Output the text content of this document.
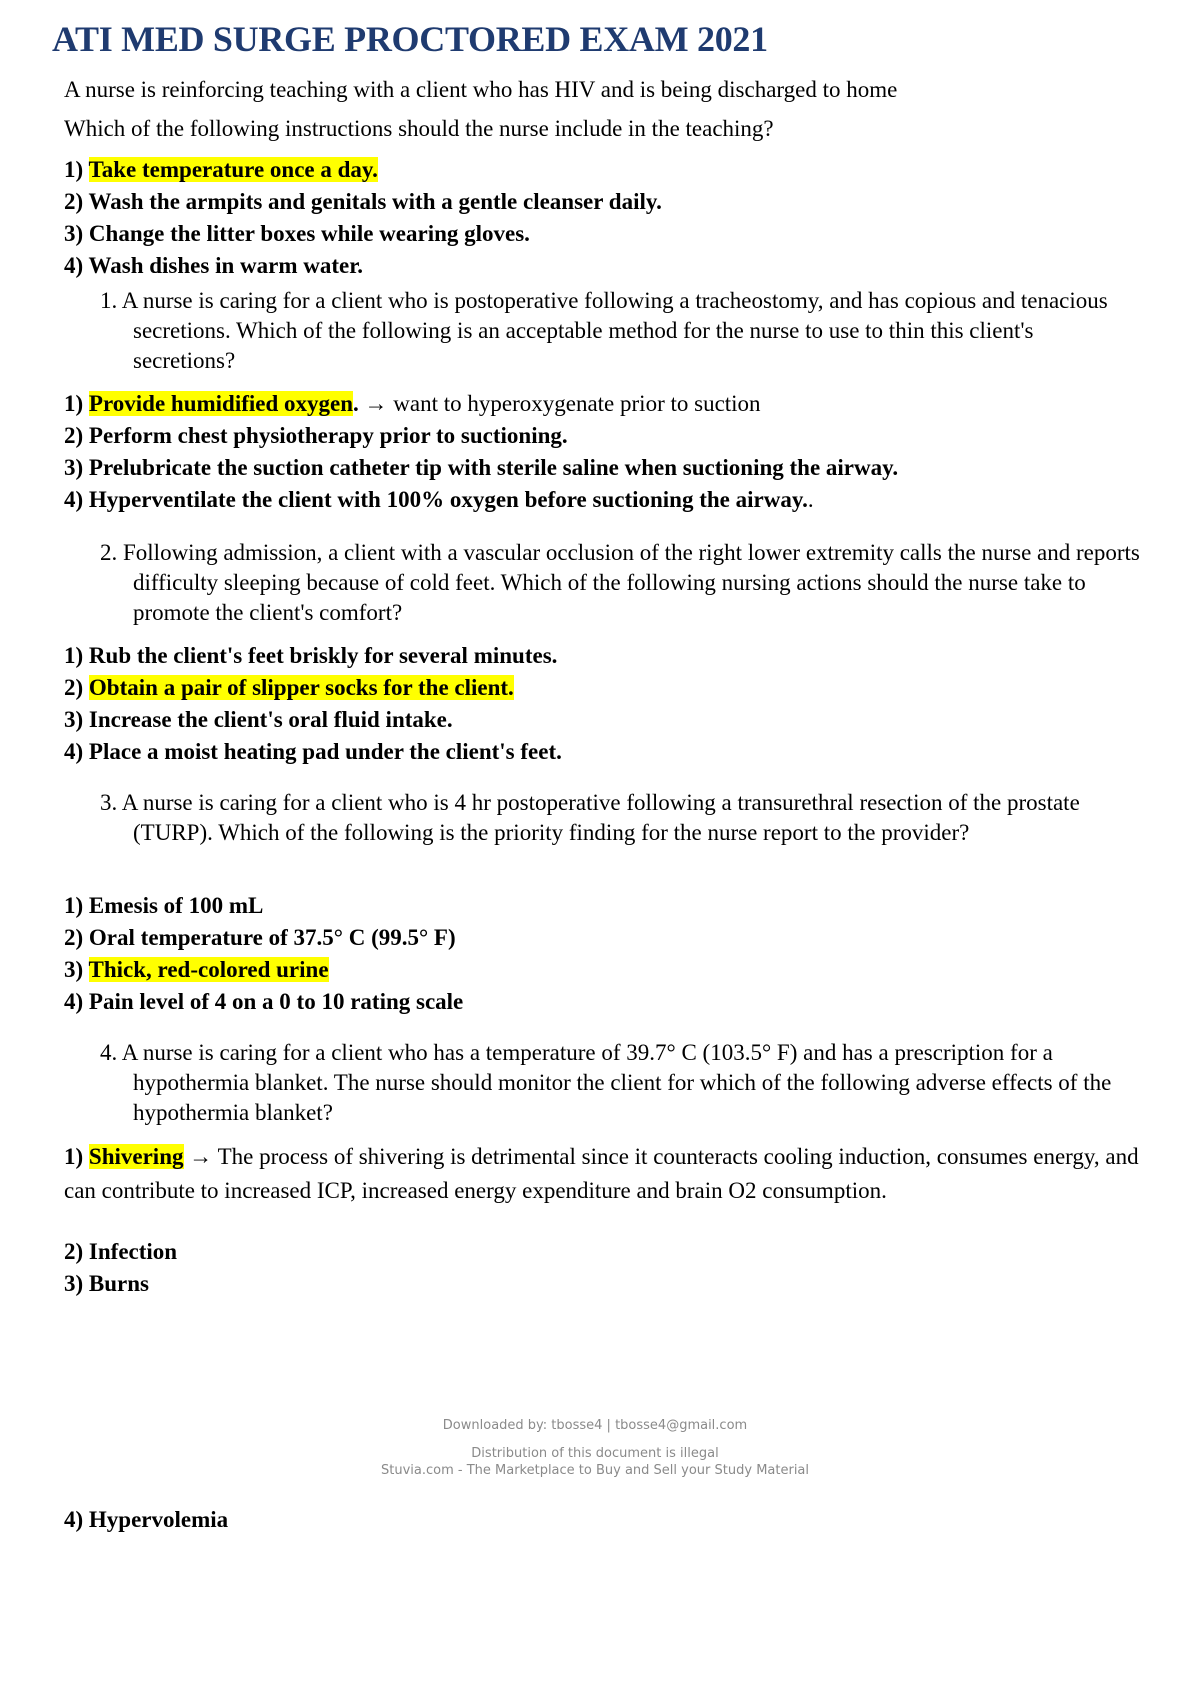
ATI MED SURGE PROCTORED EXAM 2021

A nurse is reinforcing teaching with a client who has HIV and is being discharged to home

Which of the following instructions should the nurse include in the teaching?

1) Take temperature once a day.
2) Wash the armpits and genitals with a gentle cleanser daily.
3) Change the litter boxes while wearing gloves.
4) Wash dishes in warm water.

1. A nurse is caring for a client who is postoperative following a tracheostomy, and has copious and tenacious secretions. Which of the following is an acceptable method for the nurse to use to thin this client's secretions?

1) Provide humidified oxygen. → want to hyperoxygenate prior to suction
2) Perform chest physiotherapy prior to suctioning.
3) Prelubricate the suction catheter tip with sterile saline when suctioning the airway.
4) Hyperventilate the client with 100% oxygen before suctioning the airway..

2. Following admission, a client with a vascular occlusion of the right lower extremity calls the nurse and reports difficulty sleeping because of cold feet. Which of the following nursing actions should the nurse take to promote the client's comfort?

1) Rub the client's feet briskly for several minutes.
2) Obtain a pair of slipper socks for the client.
3) Increase the client's oral fluid intake.
4) Place a moist heating pad under the client's feet.

3. A nurse is caring for a client who is 4 hr postoperative following a transurethral resection of the prostate (TURP). Which of the following is the priority finding for the nurse report to the provider?

1) Emesis of 100 mL
2) Oral temperature of 37.5° C (99.5° F)
3) Thick, red-colored urine
4) Pain level of 4 on a 0 to 10 rating scale

4. A nurse is caring for a client who has a temperature of 39.7° C (103.5° F) and has a prescription for a hypothermia blanket. The nurse should monitor the client for which of the following adverse effects of the hypothermia blanket?

1) Shivering → The process of shivering is detrimental since it counteracts cooling induction, consumes energy, and can contribute to increased ICP, increased energy expenditure and brain O2 consumption.

2) Infection
3) Burns
Downloaded by: tbosse4 | tbosse4@gmail.com
Distribution of this document is illegal
Stuvia.com - The Marketplace to Buy and Sell your Study Material
4) Hypervolemia
